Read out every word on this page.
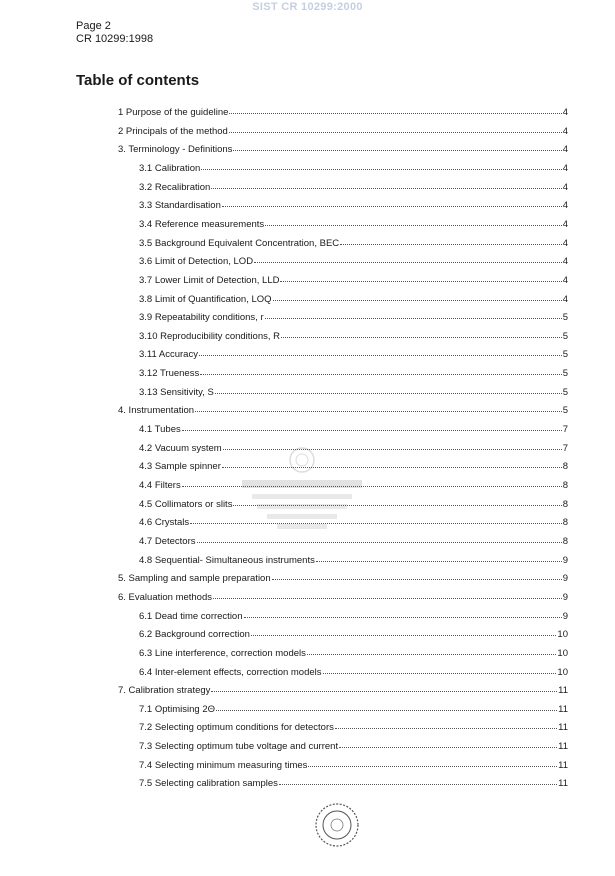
SIST CR 10299:2000
Page 2
CR 10299:1998
Table of contents
1 Purpose of the guideline	4
2 Principals of the method	4
3. Terminology - Definitions	4
3.1 Calibration	4
3.2 Recalibration	4
3.3 Standardisation	4
3.4 Reference measurements	4
3.5 Background Equivalent Concentration, BEC	4
3.6 Limit of Detection, LOD	4
3.7 Lower Limit of Detection, LLD	4
3.8 Limit of Quantification, LOQ	4
3.9 Repeatability conditions, r	5
3.10 Reproducibility conditions, R	5
3.11 Accuracy	5
3.12 Trueness	5
3.13 Sensitivity, S	5
4. Instrumentation	5
4.1 Tubes	7
4.2 Vacuum system	7
4.3 Sample spinner	8
4.4 Filters	8
4.5 Collimators or slits	8
4.6 Crystals	8
4.7 Detectors	8
4.8 Sequential- Simultaneous instruments	9
5. Sampling and sample preparation	9
6. Evaluation methods	9
6.1 Dead time correction	9
6.2 Background correction	10
6.3 Line interference, correction models	10
6.4 Inter-element effects, correction models	10
7. Calibration strategy	11
7.1 Optimising 2Θ	11
7.2 Selecting optimum conditions for detectors	11
7.3 Selecting optimum tube voltage and current	11
7.4 Selecting minimum measuring times	11
7.5 Selecting calibration samples	11
